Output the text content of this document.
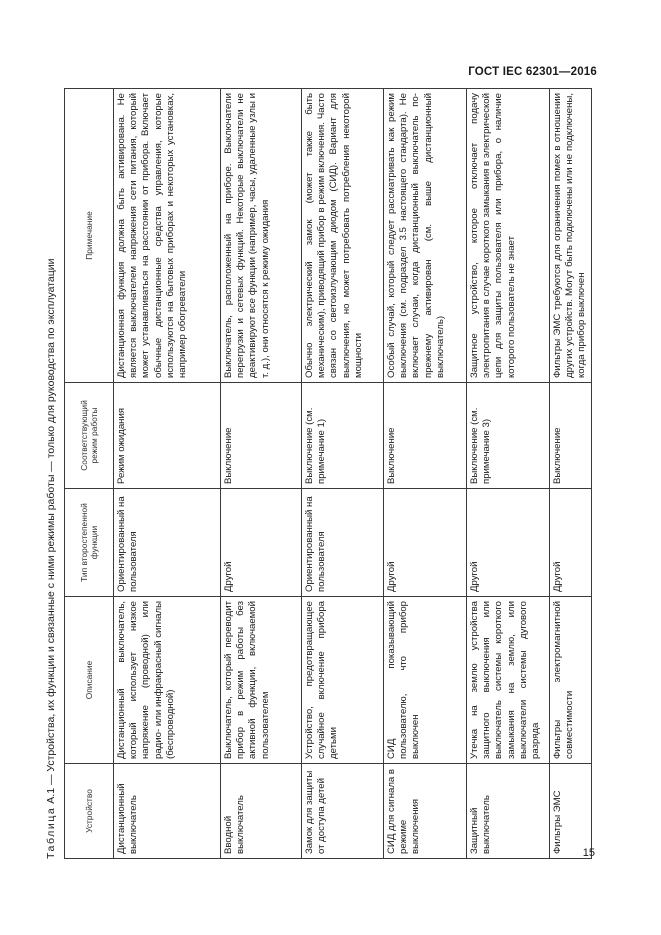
ГОСТ IEC 62301—2016
Таблица А.1 — Устройства, их функции и связанные с ними режимы работы — только для руководства по эксплуатации
Устройство	Описание	Тип второстепенной функции	Соответствующий режим работы	Примечание
Дистанционный выключатель	Дистанционный выключатель, который использует низкое напряжение (проводной) или радио- или инфракрасный сигналы (беспроводной)	Ориентированный на пользователя	Режим ожидания	Дистанционная функция должна быть активирована. Не является выключателем напряжения сети питания, который может устанавливаться на расстоянии от прибора. Включает обычные дистанционные средства управления, которые используются на бытовых приборах и некоторых установках, например обогреватели
Вводной выключатель	Выключатель, который переводит прибор в режим работы без активной функции, включаемой пользователем	Другой	Выключение	Выключатель, расположенный на приборе. Выключатели перегрузки и сетевых функций. Некоторые выключатели не деактивируют все функции (например, часы, удаленные узлы и т. д.), они относятся к режиму ожидания
Замок для защиты от доступа детей	Устройство, предотвращающее случайное включение прибора детьми	Ориентированный на пользователя	Выключение (см. примечание 1)	Обычно электрический замок (может также быть механическим), приводящий прибор в режим включения. Часто связан со светоизлучающим диодом (СИД). Вариант для выключения, но может потребовать потребления некоторой мощности
СИД для сигнала в режиме выключения	СИД показывающий пользователю, что прибор выключен	Другой	Выключение	Особый случай, который следует рассматривать как режим выключения (см. подраздел 3.5 настоящего стандарта). Не включает случаи, когда дистанционный выключатель по-прежнему активирован (см. выше дистанционный выключатель)
Защитный выключатель	Утечка на землю устройства защитного выключения или выключатель системы короткого замыкания на землю, или выключатели системы дугового разряда	Другой	Выключение (см. примечание 3)	Защитное устройство, которое отключает подачу электропитания в случае короткого замыкания в электрической цепи для защиты пользователя или прибора, о наличие которого пользователь не знает
Фильтры ЭМС	Фильтры электромагнитной совместимости	Другой	Выключение	Фильтры ЭМС требуются для ограничения помех в отношении других устройств. Могут быть подключены или не подключены, когда прибор выключен
15
